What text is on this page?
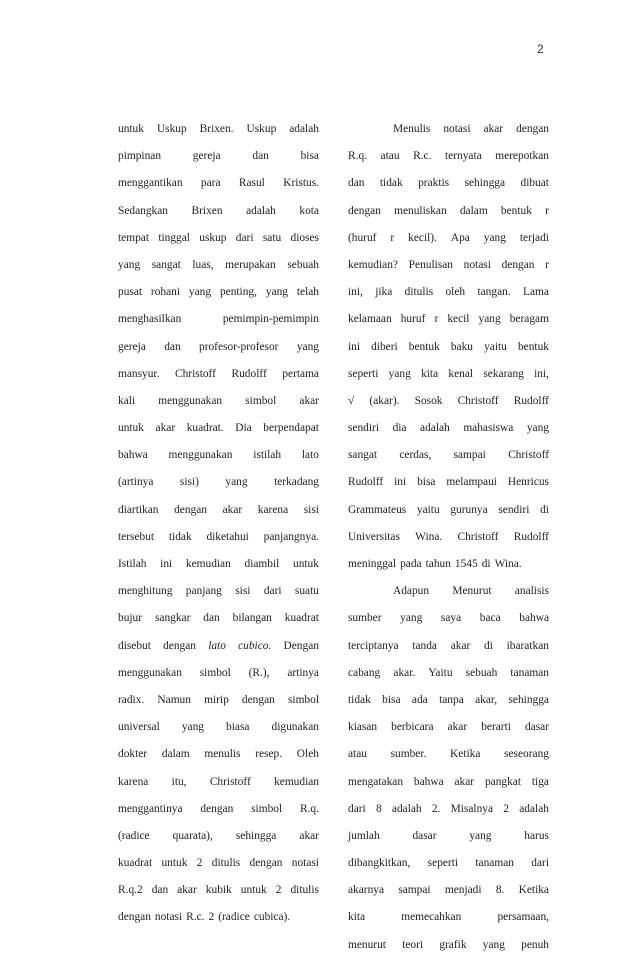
2
untuk Uskup Brixen. Uskup adalah
pimpinan	gereja	dan	bisa
menggantikan para Rasul Kristus.
Sedangkan Brixen adalah kota
tempat tinggal uskup dari satu dioses
yang sangat luas, merupakan sebuah
pusat rohani yang penting, yang telah
menghasilkan	pemimpin-pemimpin
gereja dan profesor-profesor yang
mansyur. Christoff Rudolff pertama
kali menggunakan simbol akar
untuk akar kuadrat. Dia berpendapat
bahwa menggunakan istilah lato
(artinya sisi) yang terkadang
diartikan dengan akar karena sisi
tersebut tidak diketahui panjangnya.
Istilah ini kemudian diambil untuk
menghitung panjang sisi dari suatu
bujur sangkar dan bilangan kuadrat
disebut dengan lato cubico. Dengan
menggunakan simbol (R.), artinya
radix. Namun mirip dengan simbol
universal yang biasa digunakan
dokter dalam menulis resep. Oleh
karena itu, Christoff kemudian
menggantinya dengan simbol R.q.
(radice quarata), sehingga akar
kuadrat untuk 2 ditulis dengan notasi
R.q.2 dan akar kubik untuk 2 ditulis
dengan notasi R.c. 2 (radice cubica).
Menulis notasi akar dengan
R.q. atau R.c. ternyata merepotkan
dan tidak praktis sehingga dibuat
dengan menuliskan dalam bentuk r
(huruf r kecil). Apa yang terjadi
kemudian? Penulisan notasi dengan r
ini, jika ditulis oleh tangan. Lama
kelamaan huruf r kecil yang beragam
ini diberi bentuk baku yaitu bentuk
seperti yang kita kenal sekarang ini,
√ (akar). Sosok Christoff Rudolff
sendiri dia adalah mahasiswa yang
sangat cerdas, sampai Christoff
Rudolff ini bisa melampaui Henricus
Grammateus yaitu gurunya sendiri di
Universitas Wina. Christoff Rudolff
meninggal pada tahun 1545 di Wina.
Adapun Menurut analisis
sumber yang saya baca bahwa
terciptanya tanda akar di ibaratkan
cabang akar. Yaitu sebuah tanaman
tidak bisa ada tanpa akar, sehingga
kiasan berbicara akar berarti dasar
atau sumber. Ketika seseorang
mengatakan bahwa akar pangkat tiga
dari 8 adalah 2. Misalnya 2 adalah
jumlah	dasar	yang	harus
dibangkitkan, seperti tanaman dari
akarnya sampai menjadi 8. Ketika
kita	memecahkan	persamaan,
menurut teori grafik yang penuh
